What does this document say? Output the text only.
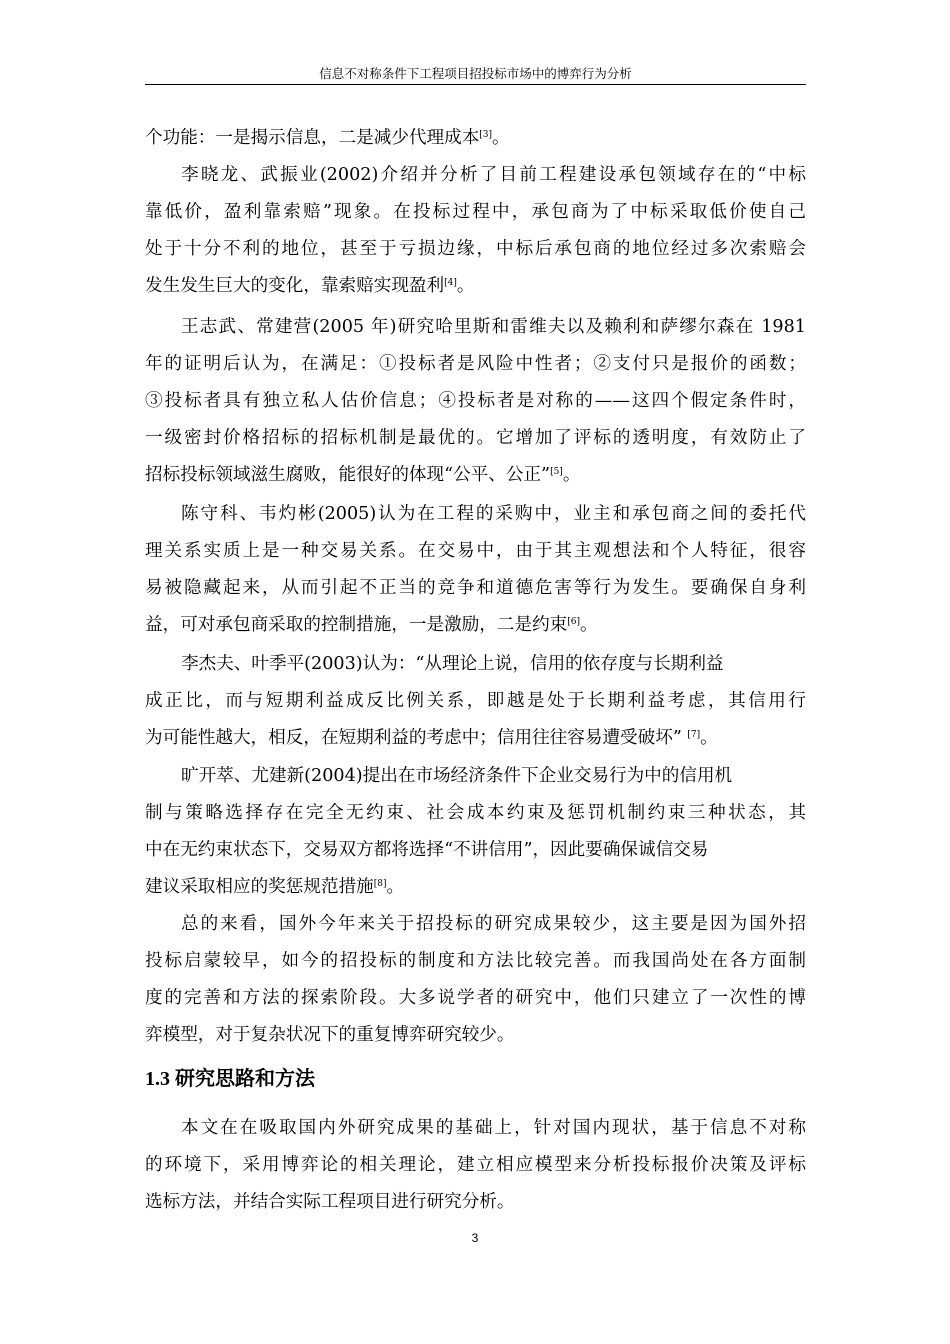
信息不对称条件下工程项目招投标市场中的博弈行为分析
个功能：一是揭示信息，二是减少代理成本[3]。
李晓龙、武振业(2002)介绍并分析了目前工程建设承包领域存在的“中标
靠低价，盈利靠索赔”现象。在投标过程中，承包商为了中标采取低价使自己
处于十分不利的地位，甚至于亏损边缘，中标后承包商的地位经过多次索赔会
发生发生巨大的变化，靠索赔实现盈利[4]。
王志武、常建营(2005 年)研究哈里斯和雷维夫以及赖利和萨缪尔森在 1981
年的证明后认为，在满足：①投标者是风险中性者；②支付只是报价的函数；
③投标者具有独立私人估价信息；④投标者是对称的——这四个假定条件时，
一级密封价格招标的招标机制是最优的。它增加了评标的透明度，有效防止了
招标投标领域滋生腐败，能很好的体现“公平、公正”[5]。
陈守科、韦灼彬(2005)认为在工程的采购中，业主和承包商之间的委托代
理关系实质上是一种交易关系。在交易中，由于其主观想法和个人特征，很容
易被隐藏起来，从而引起不正当的竞争和道德危害等行为发生。要确保自身利
益，可对承包商采取的控制措施，一是激励，二是约束[6]。
李杰夫、叶季平(2003)认为：“从理论上说，信用的依存度与长期利益
成正比，而与短期利益成反比例关系，即越是处于长期利益考虑，其信用行
为可能性越大，相反，在短期利益的考虑中；信用往往容易遭受破坏” [7]。
旷开萃、尤建新(2004)提出在市场经济条件下企业交易行为中的信用机
制与策略选择存在完全无约束、社会成本约束及惩罚机制约束三种状态，其
中在无约束状态下，交易双方都将选择“不讲信用”，因此要确保诚信交易
建议采取相应的奖惩规范措施[8]。
总的来看，国外今年来关于招投标的研究成果较少，这主要是因为国外招
投标启蒙较早，如今的招投标的制度和方法比较完善。而我国尚处在各方面制
度的完善和方法的探索阶段。大多说学者的研究中，他们只建立了一次性的博
弈模型，对于复杂状况下的重复博弈研究较少。
1.3 研究思路和方法
本文在在吸取国内外研究成果的基础上，针对国内现状，基于信息不对称
的环境下，采用博弈论的相关理论，建立相应模型来分析投标报价决策及评标
选标方法，并结合实际工程项目进行研究分析。
3
